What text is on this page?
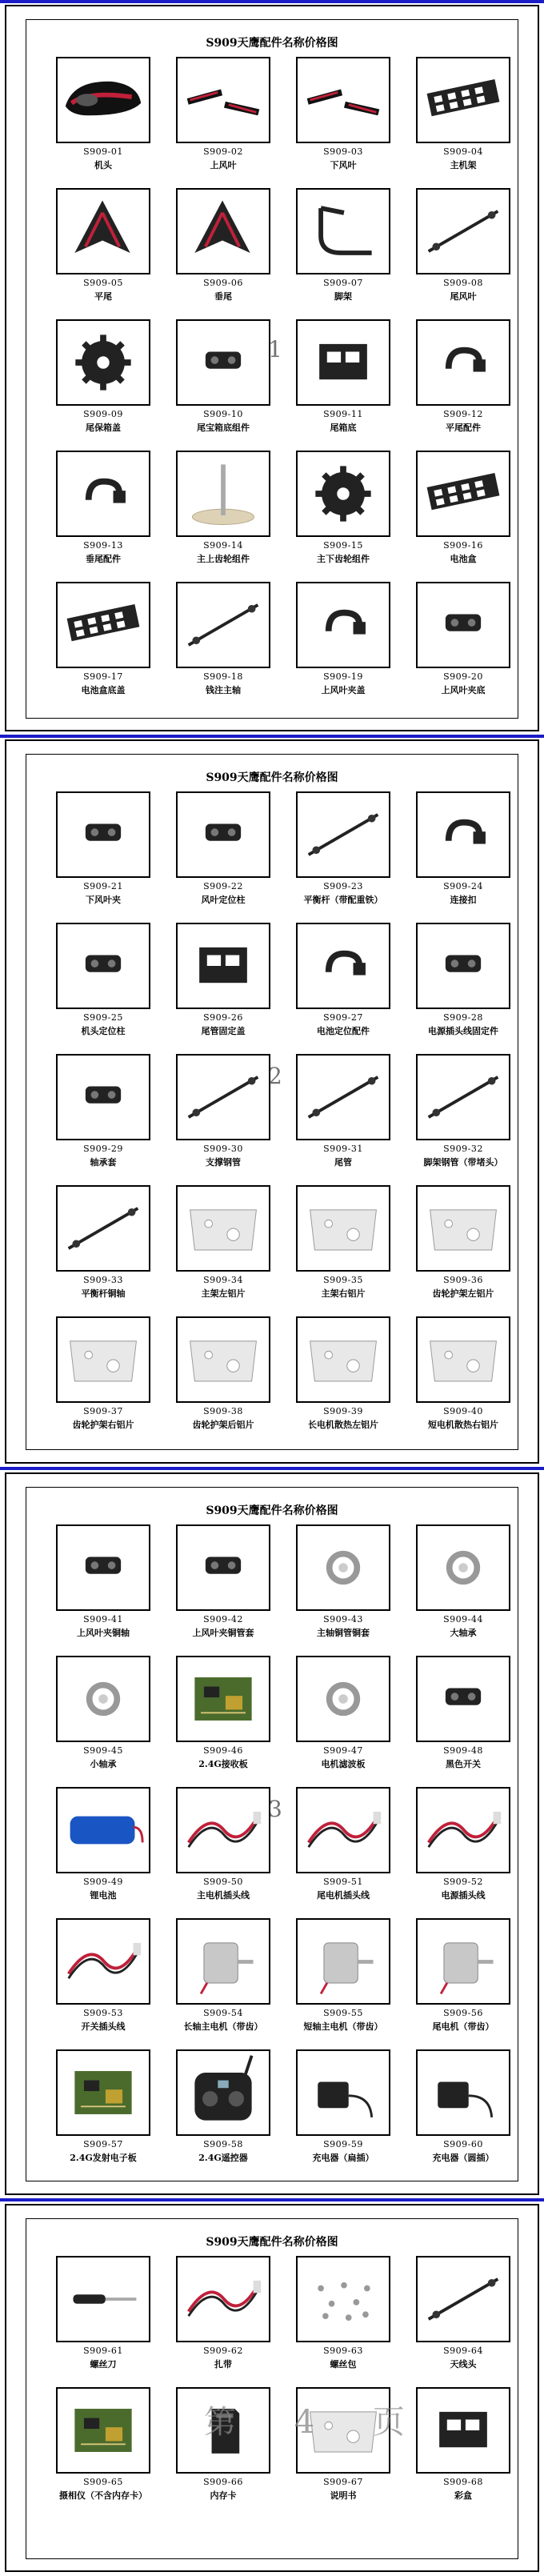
S909天鹰配件名称价格图
S909-01
机头
S909-02
上风叶
S909-03
下风叶
S909-04
主机架
S909-05
平尾
S909-06
垂尾
S909-07
脚架
S909-08
尾风叶
S909-09
尾保箱盖
S909-10
尾宝箱底组件
S909-11
尾箱底
S909-12
平尾配件
S909-13
垂尾配件
S909-14
主上齿轮组件
S909-15
主下齿轮组件
S909-16
电池盒
S909-17
电池盒底盖
S909-18
钱注主轴
S909-19
上风叶夹盖
S909-20
上风叶夹底
1
S909天鹰配件名称价格图
S909-21
下风叶夹
S909-22
风叶定位柱
S909-23
平衡杆（带配重铁）
S909-24
连接扣
S909-25
机头定位柱
S909-26
尾管固定盖
S909-27
电池定位配件
S909-28
电源插头线固定件
S909-29
轴承套
S909-30
支撑钢管
S909-31
尾管
S909-32
脚架钢管（带堵头）
S909-33
平衡杆铜轴
S909-34
主架左铝片
S909-35
主架右铝片
S909-36
齿轮护架左铝片
S909-37
齿轮护架右铝片
S909-38
齿轮护架后铝片
S909-39
长电机散热左铝片
S909-40
短电机散热右铝片
2
S909天鹰配件名称价格图
S909-41
上风叶夹铜轴
S909-42
上风叶夹铜管套
S909-43
主轴铜管铜套
S909-44
大轴承
S909-45
小轴承
S909-46
2.4G接收板
S909-47
电机滤波板
S909-48
黑色开关
S909-49
锂电池
S909-50
主电机插头线
S909-51
尾电机插头线
S909-52
电源插头线
S909-53
开关插头线
S909-54
长轴主电机（带齿）
S909-55
短轴主电机（带齿）
S909-56
尾电机（带齿）
S909-57
2.4G发射电子板
S909-58
2.4G遥控器
S909-59
充电器（扁插）
S909-60
充电器（圆插）
3
S909天鹰配件名称价格图
S909-61
螺丝刀
S909-62
扎带
S909-63
螺丝包
S909-64
天线头
S909-65
摄相仪（不含内存卡）
S909-66
内存卡
S909-67
说明书
S909-68
彩盒
第 4 页
